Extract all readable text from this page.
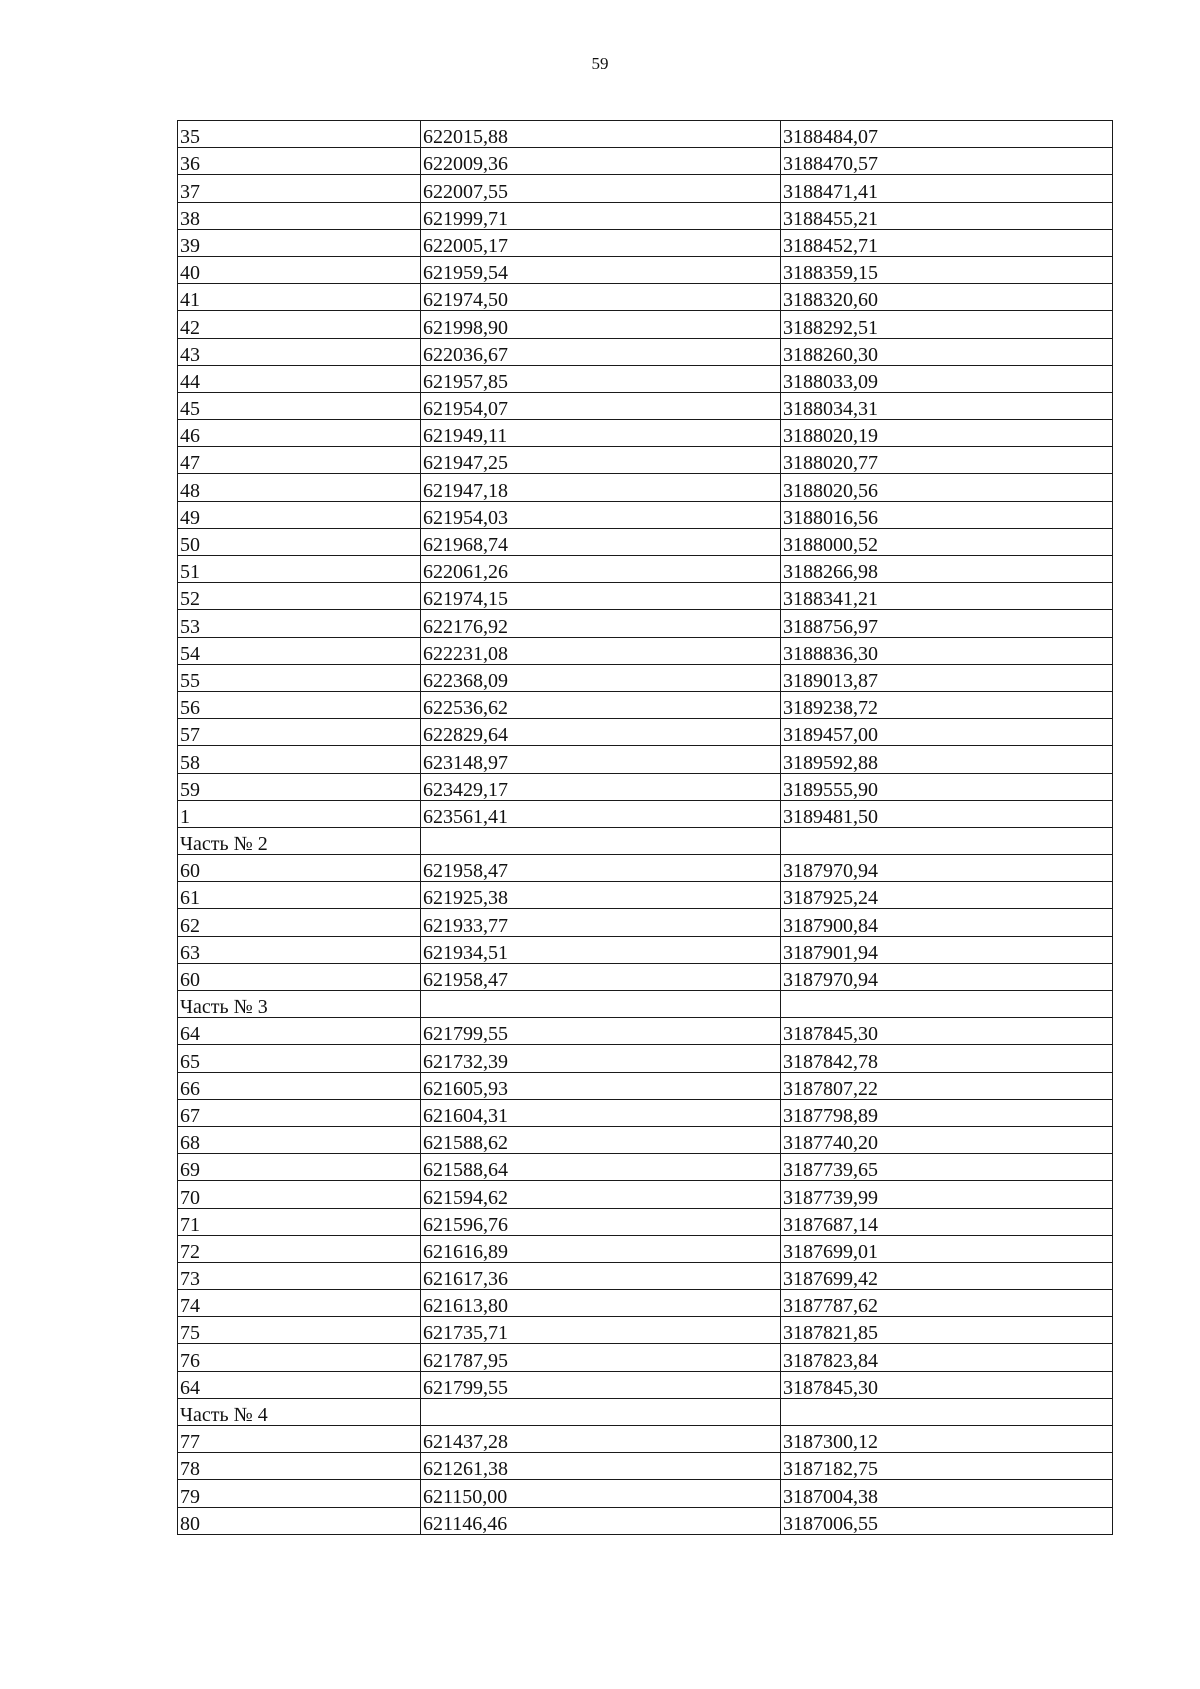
59
35	622015,88	3188484,07
36	622009,36	3188470,57
37	622007,55	3188471,41
38	621999,71	3188455,21
39	622005,17	3188452,71
40	621959,54	3188359,15
41	621974,50	3188320,60
42	621998,90	3188292,51
43	622036,67	3188260,30
44	621957,85	3188033,09
45	621954,07	3188034,31
46	621949,11	3188020,19
47	621947,25	3188020,77
48	621947,18	3188020,56
49	621954,03	3188016,56
50	621968,74	3188000,52
51	622061,26	3188266,98
52	621974,15	3188341,21
53	622176,92	3188756,97
54	622231,08	3188836,30
55	622368,09	3189013,87
56	622536,62	3189238,72
57	622829,64	3189457,00
58	623148,97	3189592,88
59	623429,17	3189555,90
1	623561,41	3189481,50
Часть № 2		
60	621958,47	3187970,94
61	621925,38	3187925,24
62	621933,77	3187900,84
63	621934,51	3187901,94
60	621958,47	3187970,94
Часть № 3		
64	621799,55	3187845,30
65	621732,39	3187842,78
66	621605,93	3187807,22
67	621604,31	3187798,89
68	621588,62	3187740,20
69	621588,64	3187739,65
70	621594,62	3187739,99
71	621596,76	3187687,14
72	621616,89	3187699,01
73	621617,36	3187699,42
74	621613,80	3187787,62
75	621735,71	3187821,85
76	621787,95	3187823,84
64	621799,55	3187845,30
Часть № 4		
77	621437,28	3187300,12
78	621261,38	3187182,75
79	621150,00	3187004,38
80	621146,46	3187006,55
